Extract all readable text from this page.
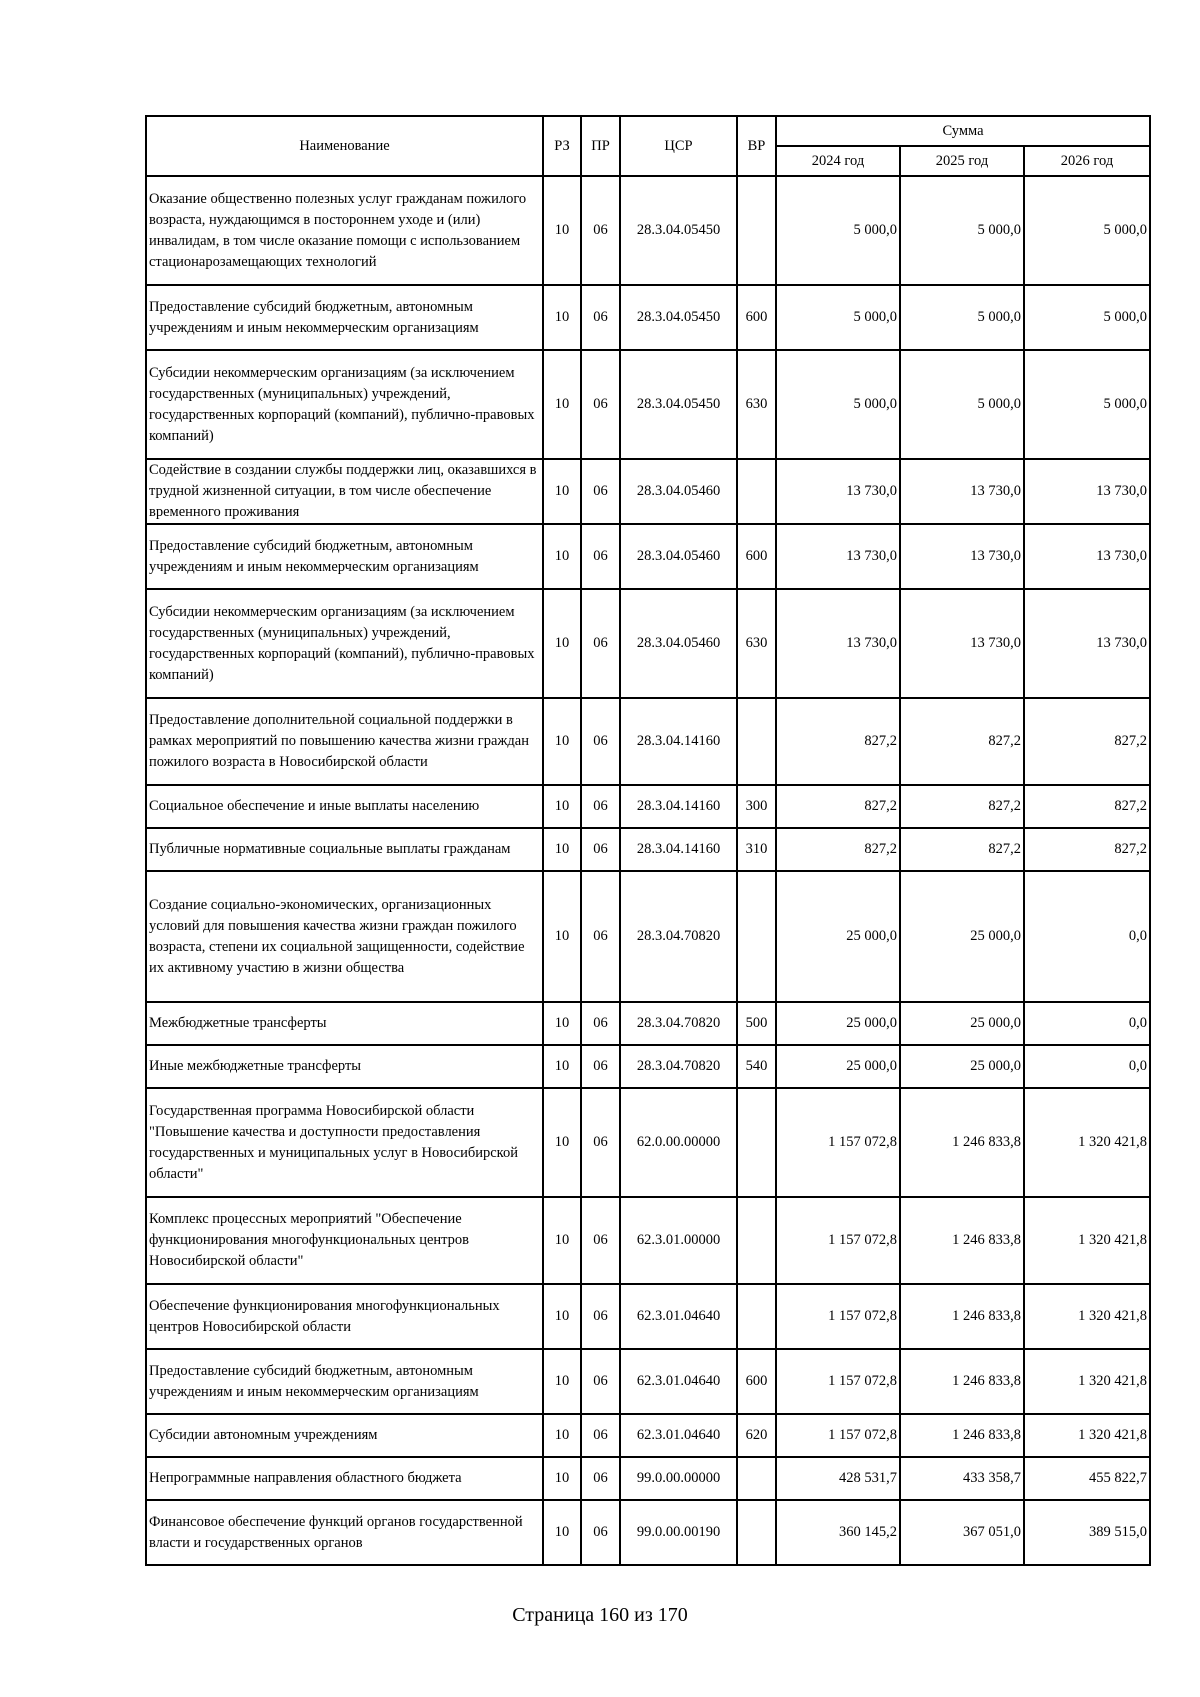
Наименование	РЗ	ПР	ЦСР	ВР	Сумма		
					2024 год	2025 год	2026 год
Оказание общественно полезных услуг гражданам пожилого возраста, нуждающимся в постороннем уходе и (или) инвалидам, в том числе оказание помощи с использованием стационарозамещающих технологий	10	06	28.3.04.05450		5 000,0	5 000,0	5 000,0
Предоставление субсидий бюджетным, автономным учреждениям и иным некоммерческим организациям	10	06	28.3.04.05450	600	5 000,0	5 000,0	5 000,0
Субсидии некоммерческим организациям (за исключением государственных (муниципальных) учреждений, государственных корпораций (компаний), публично-правовых компаний)	10	06	28.3.04.05450	630	5 000,0	5 000,0	5 000,0
Содействие в создании службы поддержки лиц, оказавшихся в трудной жизненной ситуации, в том числе обеспечение временного проживания	10	06	28.3.04.05460		13 730,0	13 730,0	13 730,0
Предоставление субсидий бюджетным, автономным учреждениям и иным некоммерческим организациям	10	06	28.3.04.05460	600	13 730,0	13 730,0	13 730,0
Субсидии некоммерческим организациям (за исключением государственных (муниципальных) учреждений, государственных корпораций (компаний), публично-правовых компаний)	10	06	28.3.04.05460	630	13 730,0	13 730,0	13 730,0
Предоставление дополнительной социальной поддержки в рамках мероприятий по повышению качества жизни граждан пожилого возраста в Новосибирской области	10	06	28.3.04.14160		827,2	827,2	827,2
Социальное обеспечение и иные выплаты населению	10	06	28.3.04.14160	300	827,2	827,2	827,2
Публичные нормативные социальные выплаты гражданам	10	06	28.3.04.14160	310	827,2	827,2	827,2
Создание социально-экономических, организационных условий для повышения качества жизни граждан пожилого возраста, степени их социальной защищенности, содействие их активному участию в жизни общества	10	06	28.3.04.70820		25 000,0	25 000,0	0,0
Межбюджетные трансферты	10	06	28.3.04.70820	500	25 000,0	25 000,0	0,0
Иные межбюджетные трансферты	10	06	28.3.04.70820	540	25 000,0	25 000,0	0,0
Государственная программа Новосибирской области "Повышение качества и доступности предоставления государственных и муниципальных услуг в Новосибирской области"	10	06	62.0.00.00000		1 157 072,8	1 246 833,8	1 320 421,8
Комплекс процессных мероприятий "Обеспечение функционирования многофункциональных центров Новосибирской области"	10	06	62.3.01.00000		1 157 072,8	1 246 833,8	1 320 421,8
Обеспечение функционирования многофункциональных центров Новосибирской области	10	06	62.3.01.04640		1 157 072,8	1 246 833,8	1 320 421,8
Предоставление субсидий бюджетным, автономным учреждениям и иным некоммерческим организациям	10	06	62.3.01.04640	600	1 157 072,8	1 246 833,8	1 320 421,8
Субсидии автономным учреждениям	10	06	62.3.01.04640	620	1 157 072,8	1 246 833,8	1 320 421,8
Непрограммные направления областного бюджета	10	06	99.0.00.00000		428 531,7	433 358,7	455 822,7
Финансовое обеспечение функций органов государственной власти и государственных органов	10	06	99.0.00.00190		360 145,2	367 051,0	389 515,0
Страница 160 из 170
